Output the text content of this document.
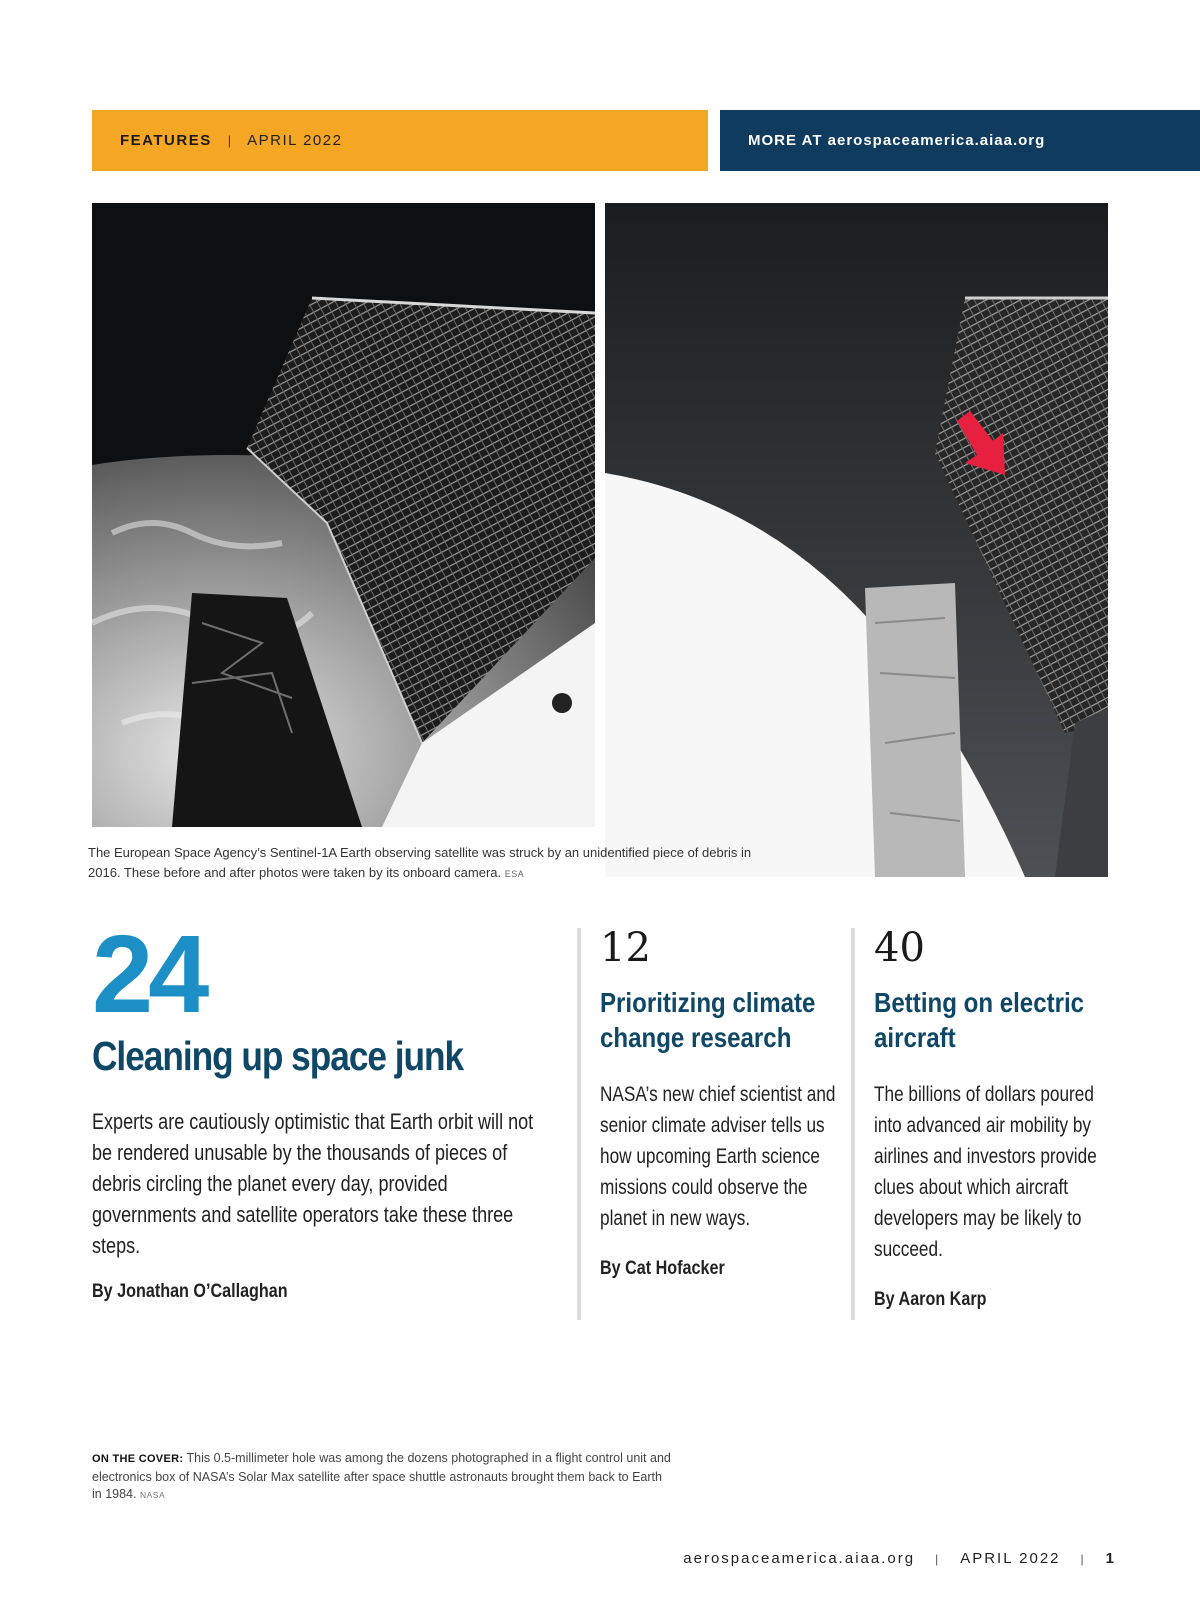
FEATURES | APRIL 2022	MORE AT aerospaceamerica.aiaa.org
The European Space Agency’s Sentinel-1A Earth observing satellite was struck by an unidentified piece of debris in 2016. These before and after photos were taken by its onboard camera. ESA
24
Cleaning up space junk
Experts are cautiously optimistic that Earth orbit will not be rendered unusable by the thousands of pieces of debris circling the planet every day, provided governments and satellite operators take these three steps.
By Jonathan O’Callaghan
12
Prioritizing climate change research
NASA’s new chief scientist and senior climate adviser tells us how upcoming Earth science missions could observe the planet in new ways.
By Cat Hofacker
40
Betting on electric aircraft
The billions of dollars poured into advanced air mobility by airlines and investors provide clues about which aircraft developers may be likely to succeed.
By Aaron Karp
ON THE COVER: This 0.5-millimeter hole was among the dozens photographed in a flight control unit and electronics box of NASA’s Solar Max satellite after space shuttle astronauts brought them back to Earth in 1984. NASA
aerospaceamerica.aiaa.org | APRIL 2022 | 1
